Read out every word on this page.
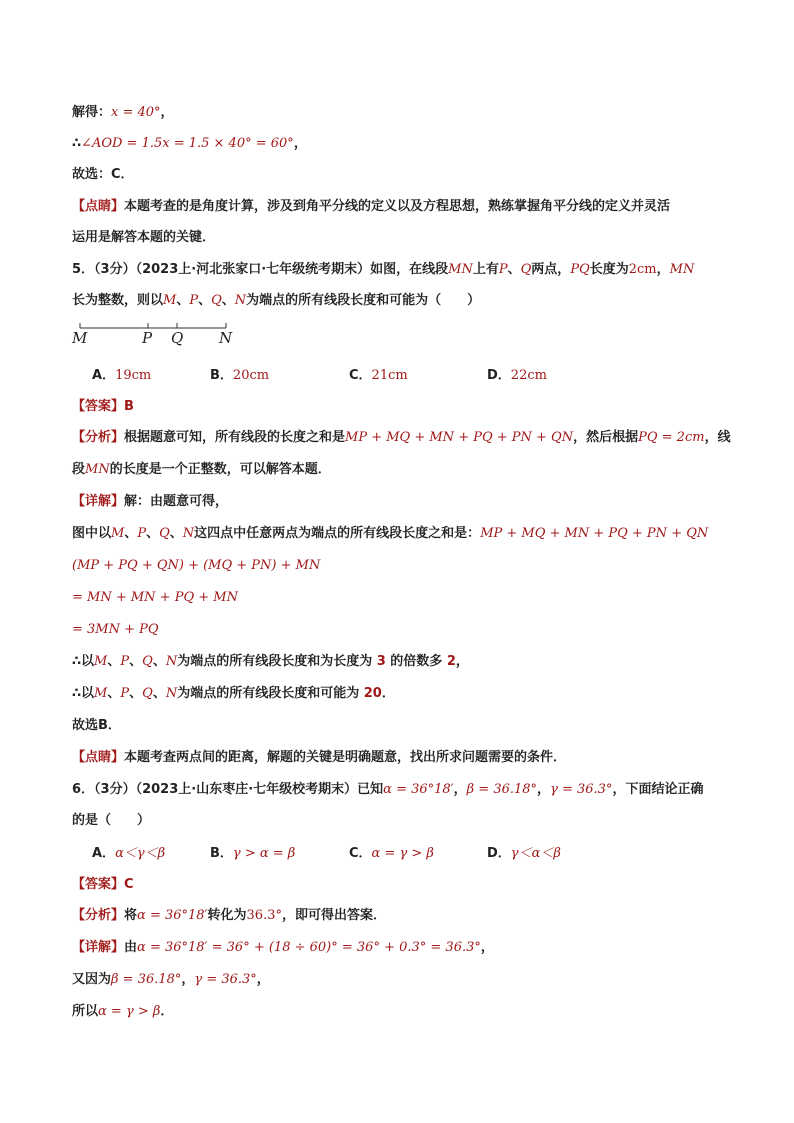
解得：x = 40°，
∴∠AOD = 1.5x = 1.5 × 40° = 60°，
故选：C．
【点睛】本题考查的是角度计算，涉及到角平分线的定义以及方程思想，熟练掌握角平分线的定义并灵活
运用是解答本题的关键．
5．（3分）（2023上·河北张家口·七年级统考期末）如图，在线段MN上有P、Q两点，PQ长度为2cm，MN
长为整数，则以M、P、Q、N为端点的所有线段长度和可能为（　　）
M	P Q N
A．19cm	B．20cm	C．21cm	D．22cm
【答案】B
【分析】根据题意可知，所有线段的长度之和是MP + MQ + MN + PQ + PN + QN，然后根据PQ = 2cm，线
段MN的长度是一个正整数，可以解答本题．
【详解】解：由题意可得，
图中以M、P、Q、N这四点中任意两点为端点的所有线段长度之和是：MP + MQ + MN + PQ + PN + QN
(MP + PQ + QN) + (MQ + PN) + MN
= MN + MN + PQ + MN
= 3MN + PQ
∴以M、P、Q、N为端点的所有线段长度和为长度为 3 的倍数多 2，
∴以M、P、Q、N为端点的所有线段长度和可能为 20．
故选B．
【点睛】本题考查两点间的距离，解题的关键是明确题意，找出所求问题需要的条件．
6．（3分）（2023上·山东枣庄·七年级校考期末）已知α = 36°18′，β = 36.18°，γ = 36.3°，下面结论正确
的是（　　）
A．α＜γ＜β	B．γ > α = β	C．α = γ > β	D．γ＜α＜β
【答案】C
【分析】将α = 36°18′转化为36.3°，即可得出答案．
【详解】由α = 36°18′ = 36° + (18 ÷ 60)° = 36° + 0.3° = 36.3°，
又因为β = 36.18°，γ = 36.3°，
所以α = γ > β．
